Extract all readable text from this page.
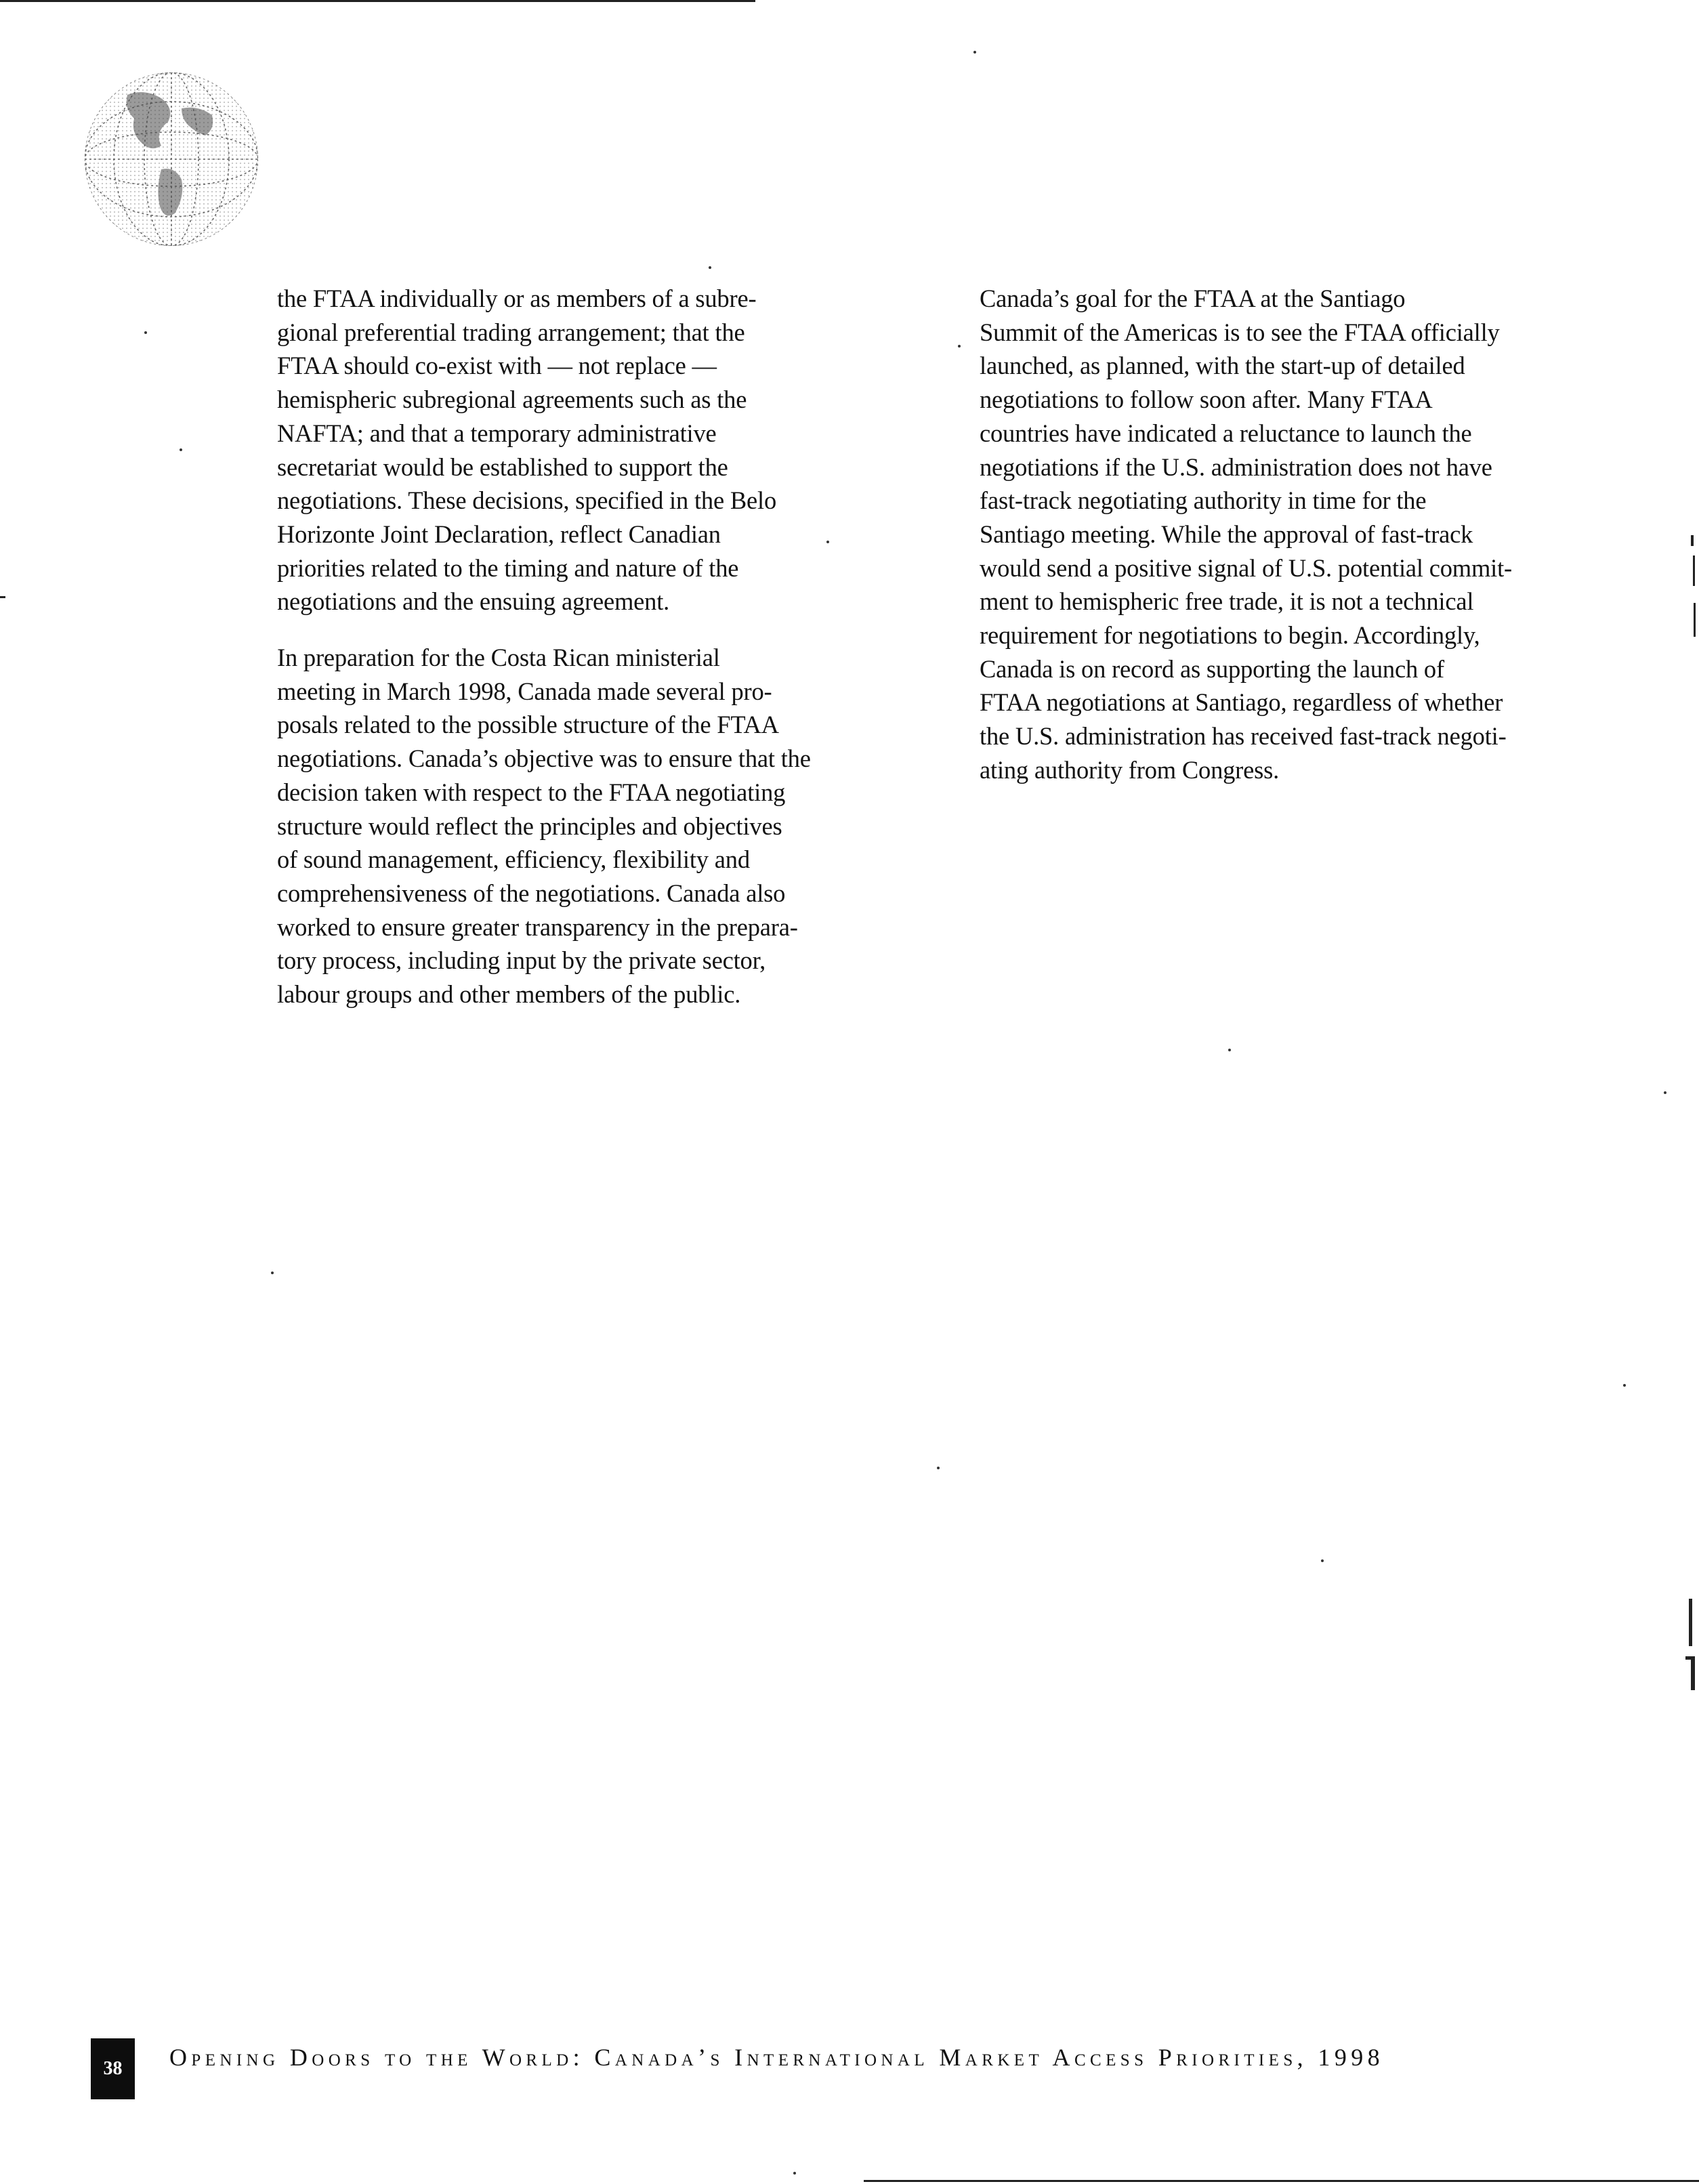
the FTAA individually or as members of a subre-
gional preferential trading arrangement; that the
FTAA should co-exist with — not replace —
hemispheric subregional agreements such as the
NAFTA; and that a temporary administrative
secretariat would be established to support the
negotiations. These decisions, specified in the Belo
Horizonte Joint Declaration, reflect Canadian
priorities related to the timing and nature of the
negotiations and the ensuing agreement.

In preparation for the Costa Rican ministerial
meeting in March 1998, Canada made several pro-
posals related to the possible structure of the FTAA
negotiations. Canada’s objective was to ensure that the
decision taken with respect to the FTAA negotiating
structure would reflect the principles and objectives
of sound management, efficiency, flexibility and
comprehensiveness of the negotiations. Canada also
worked to ensure greater transparency in the prepara-
tory process, including input by the private sector,
labour groups and other members of the public.

Canada’s goal for the FTAA at the Santiago
Summit of the Americas is to see the FTAA officially
launched, as planned, with the start-up of detailed
negotiations to follow soon after. Many FTAA
countries have indicated a reluctance to launch the
negotiations if the U.S. administration does not have
fast-track negotiating authority in time for the
Santiago meeting. While the approval of fast-track
would send a positive signal of U.S. potential commit-
ment to hemispheric free trade, it is not a technical
requirement for negotiations to begin. Accordingly,
Canada is on record as supporting the launch of
FTAA negotiations at Santiago, regardless of whether
the U.S. administration has received fast-track negoti-
ating authority from Congress.

38	Opening Doors to the World: Canada’s International Market Access Priorities, 1998
